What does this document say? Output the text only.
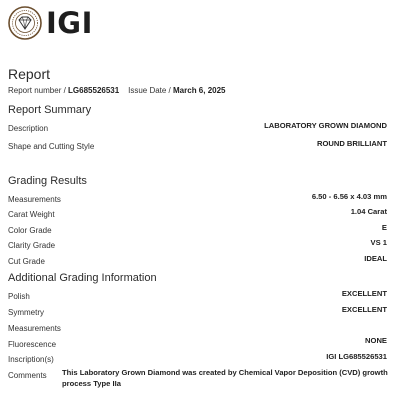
IGI
Report
Report number / LG685526531 Issue Date / March 6, 2025
Report Summary
Description	LABORATORY GROWN DIAMOND
Shape and Cutting Style	ROUND BRILLIANT
Grading Results
Measurements	6.50 - 6.56 x 4.03 mm
Carat Weight	1.04 Carat
Color Grade	E
Clarity Grade	VS 1
Cut Grade	IDEAL
Additional Grading Information
Polish	EXCELLENT
Symmetry	EXCELLENT
Measurements
Fluorescence	NONE
Inscription(s)	IGI LG685526531
Comments This Laboratory Grown Diamond was created by Chemical Vapor Deposition (CVD) growth process Type IIa
